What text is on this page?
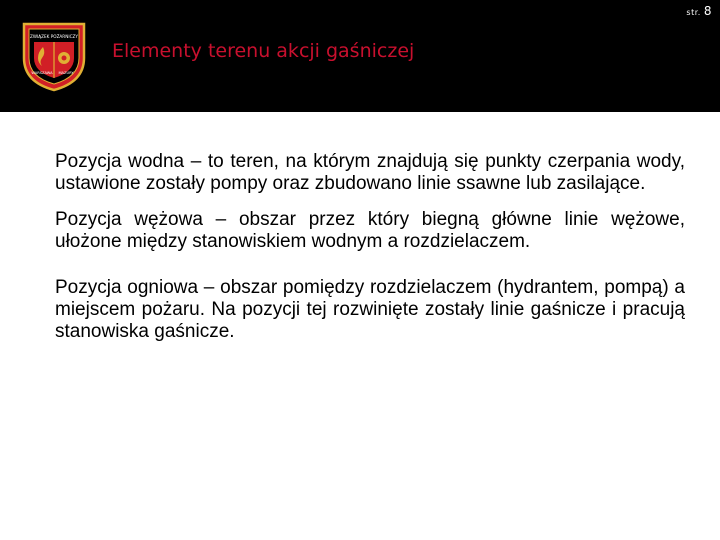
str. 8
ZWIĄZEK POŻARNICZY
WARSZAWA MAZURY
Elementy terenu akcji gaśniczej

Pozycja wodna – to teren, na którym znajdują się punkty czerpania wody, ustawione zostały pompy oraz zbudowano linie ssawne lub zasilające.

Pozycja wężowa – obszar przez który biegną główne linie wężowe, ułożone między stanowiskiem wodnym a rozdzielaczem.

Pozycja ogniowa – obszar pomiędzy rozdzielaczem (hydrantem, pompą) a miejscem pożaru. Na pozycji tej rozwinięte zostały linie gaśnicze i pracują stanowiska gaśnicze.
